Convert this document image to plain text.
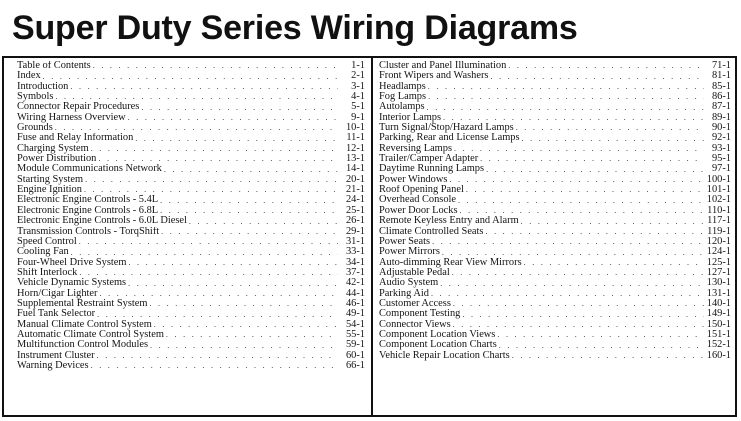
Super Duty Series Wiring Diagrams
Table of Contents . . .	1-1
Index . . .	2-1
Introduction . . .	3-1
Symbols . . .	4-1
Connector Repair Procedures . . .	5-1
Wiring Harness Overview . . .	9-1
Grounds . . .	10-1
Fuse and Relay Information . . .	11-1
Charging System . . .	12-1
Power Distribution . . .	13-1
Module Communications Network . . .	14-1
Starting System . . .	20-1
Engine Ignition . . .	21-1
Electronic Engine Controls - 5.4L . . .	24-1
Electronic Engine Controls - 6.8L . . .	25-1
Electronic Engine Controls - 6.0L Diesel . . .	26-1
Transmission Controls - TorqShift . . .	29-1
Speed Control . . .	31-1
Cooling Fan . . .	33-1
Four-Wheel Drive System . . .	34-1
Shift Interlock . . .	37-1
Vehicle Dynamic Systems . . .	42-1
Horn/Cigar Lighter . . .	44-1
Supplemental Restraint System . . .	46-1
Fuel Tank Selector . . .	49-1
Manual Climate Control System . . .	54-1
Automatic Climate Control System . . .	55-1
Multifunction Control Modules . . .	59-1
Instrument Cluster . . .	60-1
Warning Devices . . .	66-1
Cluster and Panel Illumination . . .	71-1
Front Wipers and Washers . . .	81-1
Headlamps . . .	85-1
Fog Lamps . . .	86-1
Autolamps . . .	87-1
Interior Lamps . . .	89-1
Turn Signal/Stop/Hazard Lamps . . .	90-1
Parking, Rear and License Lamps . . .	92-1
Reversing Lamps . . .	93-1
Trailer/Camper Adapter . . .	95-1
Daytime Running Lamps . . .	97-1
Power Windows . . .	100-1
Roof Opening Panel . . .	101-1
Overhead Console . . .	102-1
Power Door Locks . . .	110-1
Remote Keyless Entry and Alarm . . .	117-1
Climate Controlled Seats . . .	119-1
Power Seats . . .	120-1
Power Mirrors . . .	124-1
Auto-dimming Rear View Mirrors . . .	125-1
Adjustable Pedal . . .	127-1
Audio System . . .	130-1
Parking Aid . . .	131-1
Customer Access . . .	140-1
Component Testing . . .	149-1
Connector Views . . .	150-1
Component Location Views . . .	151-1
Component Location Charts . . .	152-1
Vehicle Repair Location Charts . . .	160-1
